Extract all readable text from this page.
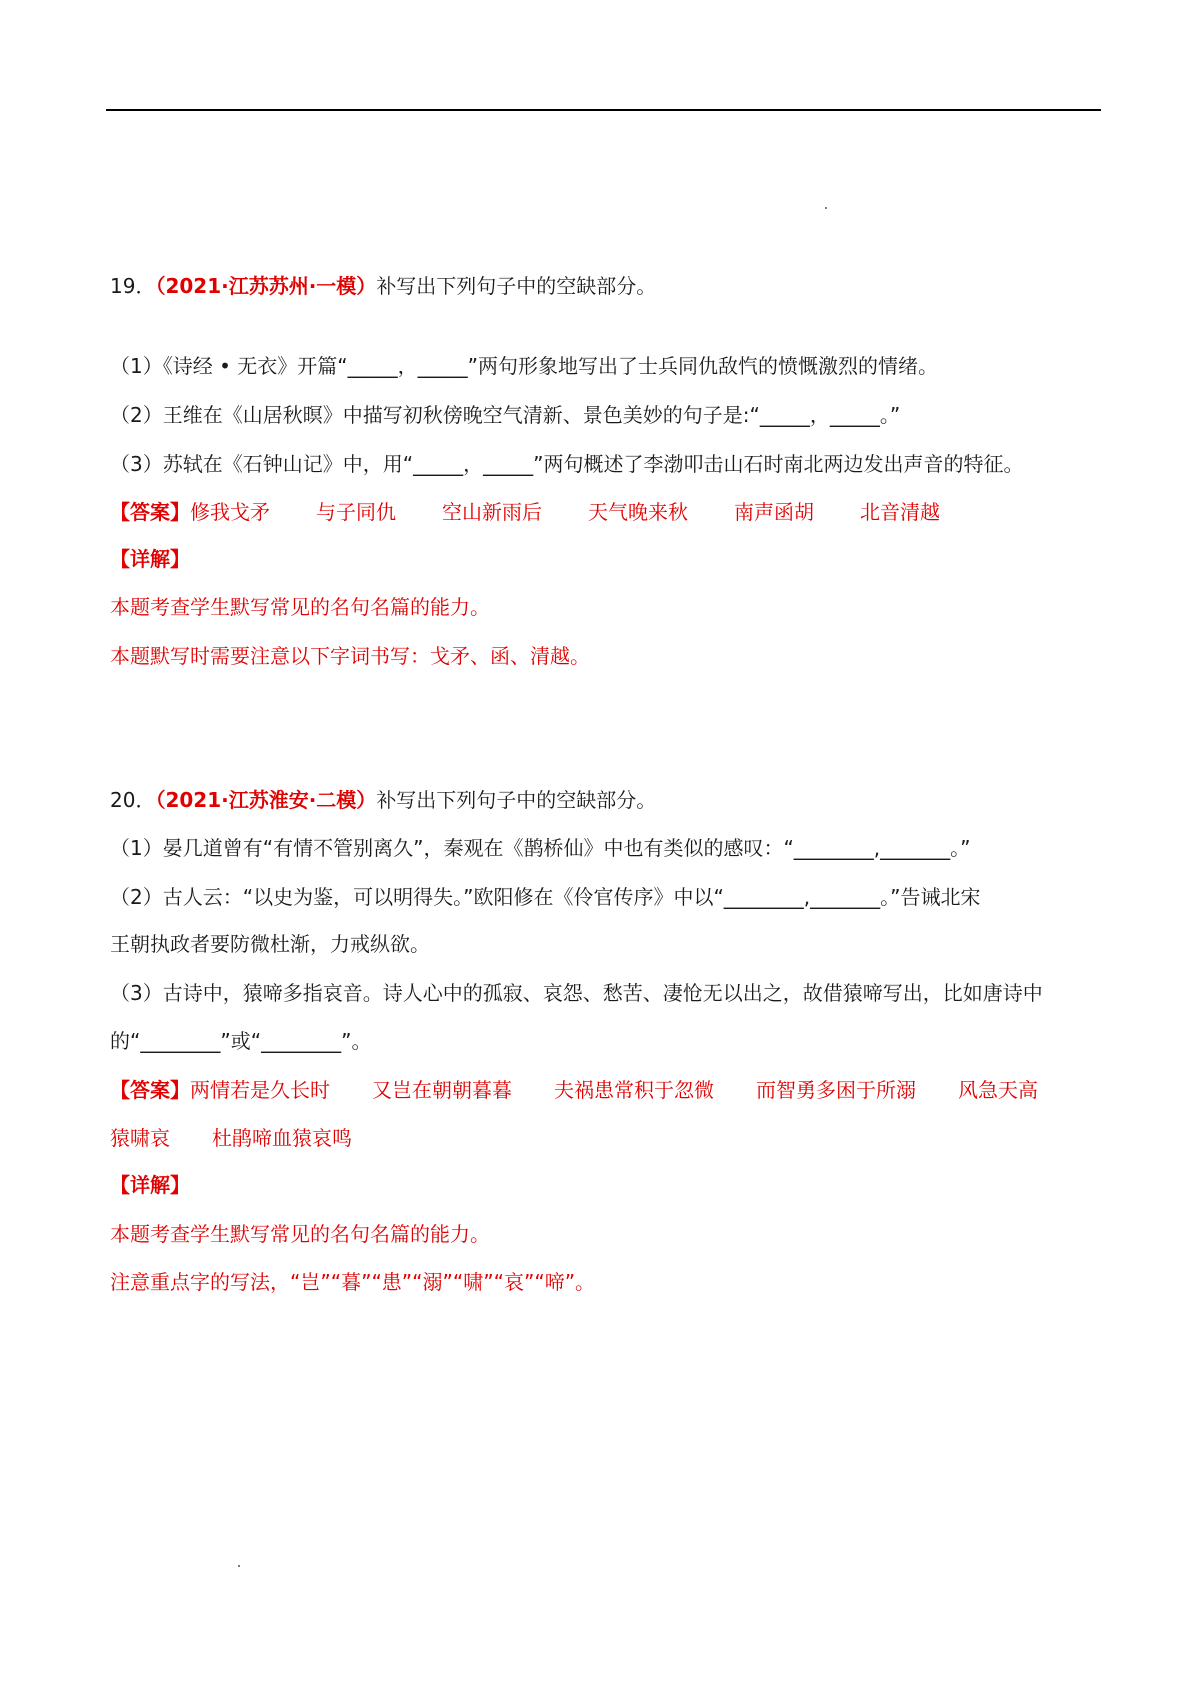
19．（2021·江苏苏州·一模）补写出下列句子中的空缺部分。
（1）《诗经 • 无衣》开篇“_____，_____”两句形象地写出了士兵同仇敌忾的愤慨激烈的情绪。
（2）王维在《山居秋暝》中描写初秋傍晚空气清新、景色美妙的句子是:“_____，_____。”
（3）苏轼在《石钟山记》中，用“_____，_____”两句概述了李渤叩击山石时南北两边发出声音的特征。
【答案】修我戈矛 与子同仇 空山新雨后 天气晚来秋 南声函胡 北音清越
【详解】
本题考查学生默写常见的名句名篇的能力。
本题默写时需要注意以下字词书写：戈矛、函、清越。
20．（2021·江苏淮安·二模）补写出下列句子中的空缺部分。
（1）晏几道曾有“有情不管别离久”，秦观在《鹊桥仙》中也有类似的感叹：“________,_______。”
（2）古人云：“以史为鉴，可以明得失。”欧阳修在《伶官传序》中以“________,_______。”告诫北宋
王朝执政者要防微杜渐，力戒纵欲。
（3）古诗中，猿啼多指哀音。诗人心中的孤寂、哀怨、愁苦、凄怆无以出之，故借猿啼写出，比如唐诗中
的“________”或“________”。
【答案】两情若是久长时 又岂在朝朝暮暮 夫祸患常积于忽微 而智勇多困于所溺 风急天高
猿啸哀 杜鹃啼血猿哀鸣
【详解】
本题考查学生默写常见的名句名篇的能力。
注意重点字的写法，“岂”“暮”“患”“溺”“啸”“哀”“啼”。
